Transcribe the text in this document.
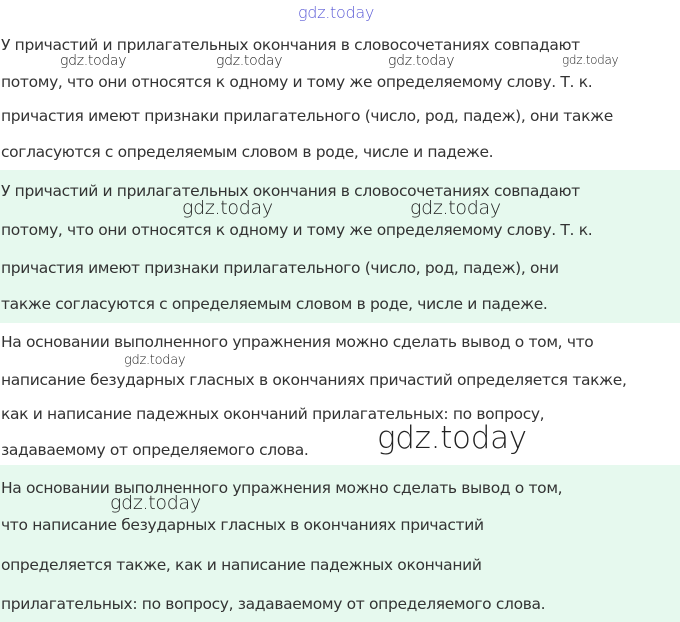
У причастий и прилагательных окончания в словосочетаниях совпадают
потому, что они относятся к одному и тому же определяемому слову. Т. к.
причастия имеют признаки прилагательного (число, род, падеж), они также
согласуются с определяемым словом в роде, числе и падеже.
У причастий и прилагательных окончания в словосочетаниях совпадают
потому, что они относятся к одному и тому же определяемому слову. Т. к.
причастия имеют признаки прилагательного (число, род, падеж), они
также согласуются с определяемым словом в роде, числе и падеже.
На основании выполненного упражнения можно сделать вывод о том, что
написание безударных гласных в окончаниях причастий определяется также,
как и написание падежных окончаний прилагательных: по вопросу,
задаваемому от определяемого слова.
На основании выполненного упражнения можно сделать вывод о том,
что написание безударных гласных в окончаниях причастий
определяется также, как и написание падежных окончаний
прилагательных: по вопросу, задаваемому от определяемого слова.
gdz.today
gdz.today	gdz.today	gdz.today	gdz.today
gdz.today	gdz.today
gdz.today
gdz.today
gdz.today
